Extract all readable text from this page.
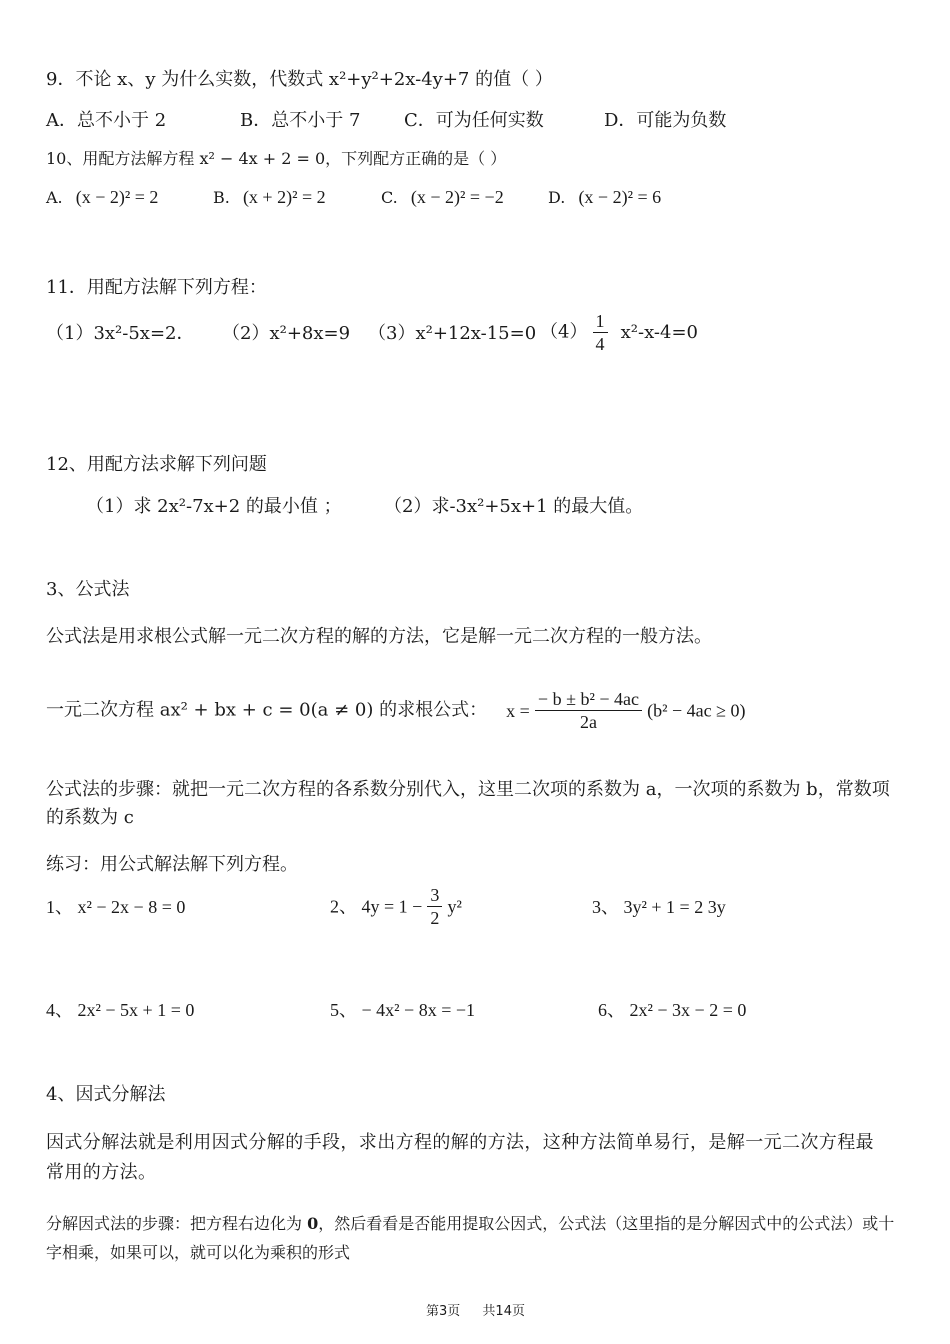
9．不论 x、y 为什么实数，代数式 x²+y²+2x-4y+7 的值（ ）
A．总不小于 2	B．总不小于 7 C．可为任何实数	D．可能为负数
10、用配方法解方程 x² − 4x + 2 = 0，下列配方正确的是（ ）
A. (x − 2)² = 2	B. (x + 2)² = 2	C. (x − 2)² = −2	D. (x − 2)² = 6
11．用配方法解下列方程：
（1）3x²-5x=2． （2）x²+8x=9 （3）x²+12x-15=0 $(4) \frac{1}{4} x^2-x-4=0$
12、用配方法求解下列问题
（1）求 2x²-7x+2 的最小值 ； （2）求-3x²+5x+1 的最大值。
3、公式法
公式法是用求根公式解一元二次方程的解的方法，它是解一元二次方程的一般方法。
一元二次方程 ax² + bx + c = 0(a ≠ 0) 的求根公式： $x = \frac{\text{− b ± b² − 4ac}}{2a} (b^2 - 4ac \ge 0)$
公式法的步骤：就把一元二次方程的各系数分别代入，这里二次项的系数为 a，一次项的系数为 b，常数项的系数为 c
练习：用公式解法解下列方程。
1、 x² − 2x − 8 = 0	2、 $4y = 1 - \frac{3}{2} y^2$	3、 3y² + 1 = 2 3y
4、 2x² − 5x + 1 = 0	5、 − 4x² − 8x = −1	6、 2x² − 3x − 2 = 0
4、因式分解法
因式分解法就是利用因式分解的手段，求出方程的解的方法，这种方法简单易行，是解一元二次方程最常用的方法。
分解因式法的步骤：把方程右边化为 0，然后看看是否能用提取公因式，公式法（这里指的是分解因式中的公式法）或十字相乘，如果可以，就可以化为乘积的形式
第3页 共14页
